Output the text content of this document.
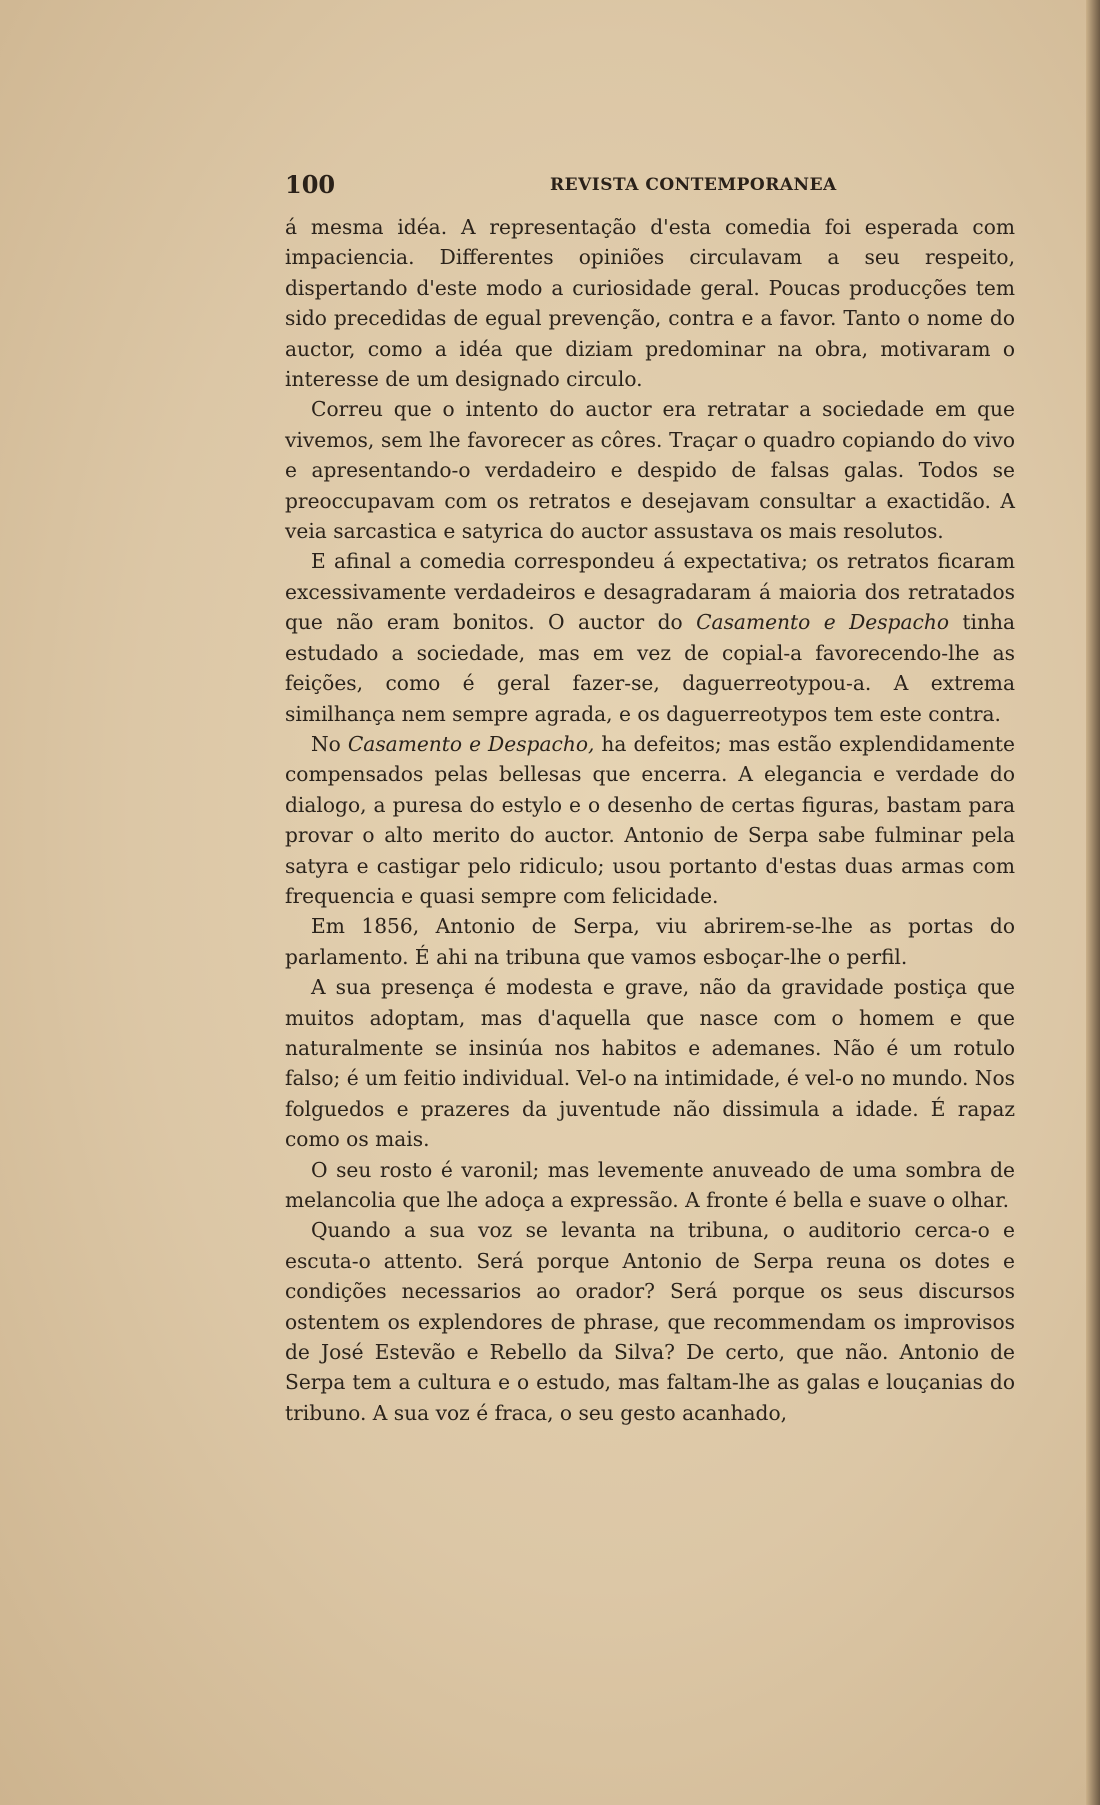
100	REVISTA CONTEMPORANEA

á mesma idéa. A representação d'esta comedia foi esperada com impaciencia. Differentes opiniões circulavam a seu respeito, dispertando d'este modo a curiosidade geral. Poucas producções tem sido precedidas de egual prevenção, contra e a favor. Tanto o nome do auctor, como a idéa que diziam predominar na obra, motivaram o interesse de um designado circulo.

Correu que o intento do auctor era retratar a sociedade em que vivemos, sem lhe favorecer as côres. Traçar o quadro copiando do vivo e apresentando-o verdadeiro e despido de falsas galas. Todos se preoccupavam com os retratos e desejavam consultar a exactidão. A veia sarcastica e satyrica do auctor assustava os mais resolutos.

E afinal a comedia correspondeu á expectativa; os retratos ficaram excessivamente verdadeiros e desagradaram á maioria dos retratados que não eram bonitos. O auctor do Casamento e Despacho tinha estudado a sociedade, mas em vez de copial-a favorecendo-lhe as feições, como é geral fazer-se, daguerreotypou-a. A extrema similhança nem sempre agrada, e os daguerreotypos tem este contra.

No Casamento e Despacho, ha defeitos; mas estão explendidamente compensados pelas bellesas que encerra. A elegancia e verdade do dialogo, a puresa do estylo e o desenho de certas figuras, bastam para provar o alto merito do auctor. Antonio de Serpa sabe fulminar pela satyra e castigar pelo ridiculo; usou portanto d'estas duas armas com frequencia e quasi sempre com felicidade.

Em 1856, Antonio de Serpa, viu abrirem-se-lhe as portas do parlamento. É ahi na tribuna que vamos esboçar-lhe o perfil.

A sua presença é modesta e grave, não da gravidade postiça que muitos adoptam, mas d'aquella que nasce com o homem e que naturalmente se insinúa nos habitos e ademanes. Não é um rotulo falso; é um feitio individual. Vel-o na intimidade, é vel-o no mundo. Nos folguedos e prazeres da juventude não dissimula a idade. É rapaz como os mais.

O seu rosto é varonil; mas levemente anuveado de uma sombra de melancolia que lhe adoça a expressão. A fronte é bella e suave o olhar.

Quando a sua voz se levanta na tribuna, o auditorio cerca-o e escuta-o attento. Será porque Antonio de Serpa reuna os dotes e condições necessarios ao orador? Será porque os seus discursos ostentem os explendores de phrase, que recommendam os improvisos de José Estevão e Rebello da Silva? De certo, que não. Antonio de Serpa tem a cultura e o estudo, mas faltam-lhe as galas e louçanias do tribuno. A sua voz é fraca, o seu gesto acanhado,
